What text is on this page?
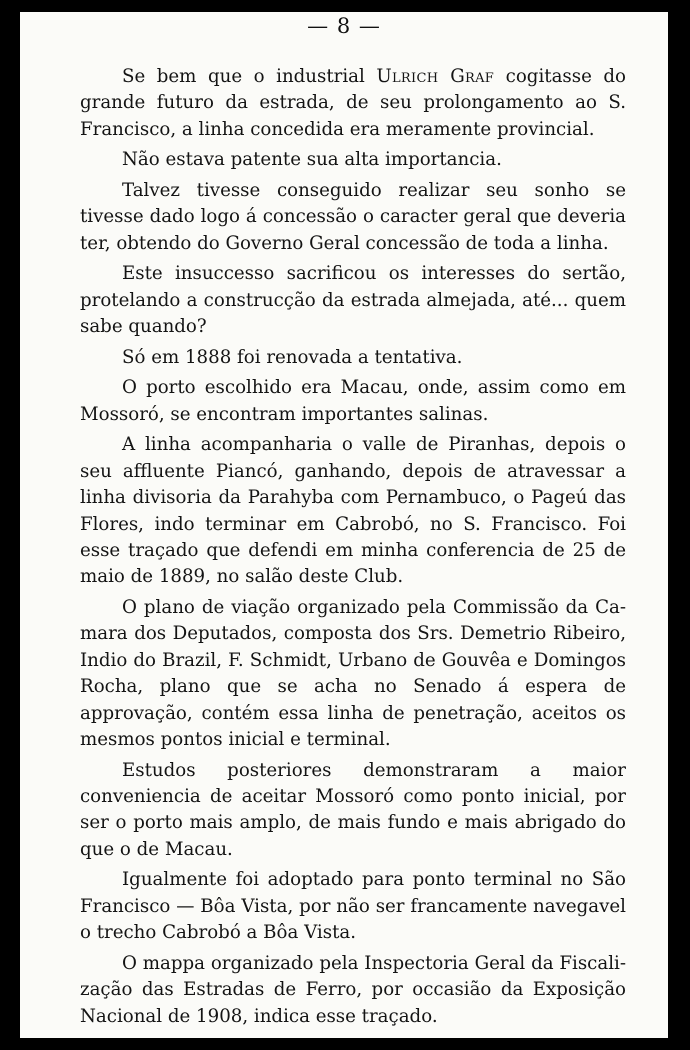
— 8 —

Se bem que o industrial Ulrich Graf cogitasse do grande futuro da estrada, de seu prolongamento ao S. Francisco, a linha concedida era meramente provincial.

Não estava patente sua alta importancia.

Talvez tivesse conseguido realizar seu sonho se tivesse dado logo á concessão o caracter geral que deveria ter, obtendo do Governo Geral concessão de toda a linha.

Este insuccesso sacrificou os interesses do sertão, protelando a construcção da estrada almejada, até... quem sabe quando?

Só em 1888 foi renovada a tentativa.

O porto escolhido era Macau, onde, assim como em Mossoró, se encontram importantes salinas.

A linha acompanharia o valle de Piranhas, depois o seu affluente Piancó, ganhando, depois de atravessar a linha divisoria da Parahyba com Pernambuco, o Pageú das Flores, indo terminar em Cabrobó, no S. Francisco. Foi esse traçado que defendi em minha conferencia de 25 de maio de 1889, no salão deste Club.

O plano de viação organizado pela Commissão da Camara dos Deputados, composta dos Srs. Demetrio Ribeiro, Indio do Brazil, F. Schmidt, Urbano de Gouvêa e Domingos Rocha, plano que se acha no Senado á espera de approvação, contém essa linha de penetração, aceitos os mesmos pontos inicial e terminal.

Estudos posteriores demonstraram a maior conveniencia de aceitar Mossoró como ponto inicial, por ser o porto mais amplo, de mais fundo e mais abrigado do que o de Macau.

Igualmente foi adoptado para ponto terminal no São Francisco — Bôa Vista, por não ser francamente navegavel o trecho Cabrobó a Bôa Vista.

O mappa organizado pela Inspectoria Geral da Fiscalização das Estradas de Ferro, por occasião da Exposição Nacional de 1908, indica esse traçado.
